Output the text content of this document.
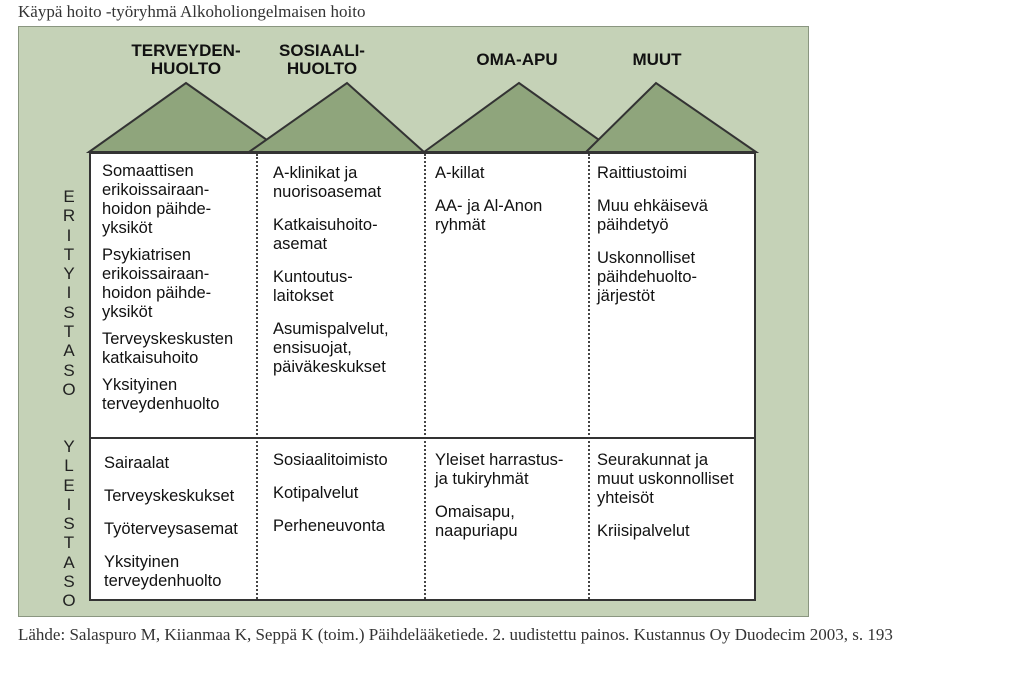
Käypä hoito -työryhmä Alkoholiongelmaisen hoito
TERVEYDEN-
HUOLTO
SOSIAALI-
HUOLTO	OMA-APU	MUUT
E
R
I
T
Y
I
S
T
A
S
O
Y
L
E
I
S
T
A
S
O
Somaattisen
erikoissairaan-
hoidon päihde-
yksiköt
Psykiatrisen
erikoissairaan-
hoidon päihde-
yksiköt
Terveyskeskusten
katkaisuhoito
Yksityinen
terveydenhuolto
A-klinikat ja
nuorisoasemat
Katkaisuhoito-
asemat
Kuntoutus-
laitokset
Asumispalvelut,
ensisuojat,
päiväkeskukset
A-killat
AA- ja Al-Anon
ryhmät
Raittiustoimi
Muu ehkäisevä
päihdetyö
Uskonnolliset
päihdehuolto-
järjestöt
Sairaalat
Terveyskeskukset
Työterveysasemat
Yksityinen
terveydenhuolto
Sosiaalitoimisto
Kotipalvelut
Perheneuvonta
Yleiset harrastus-
ja tukiryhmät
Omaisapu,
naapuriapu
Seurakunnat ja
muut uskonnolliset
yhteisöt
Kriisipalvelut
Lähde: Salaspuro M, Kiianmaa K, Seppä K (toim.) Päihdelääketiede. 2. uudistettu painos. Kustannus Oy Duodecim 2003, s. 193
